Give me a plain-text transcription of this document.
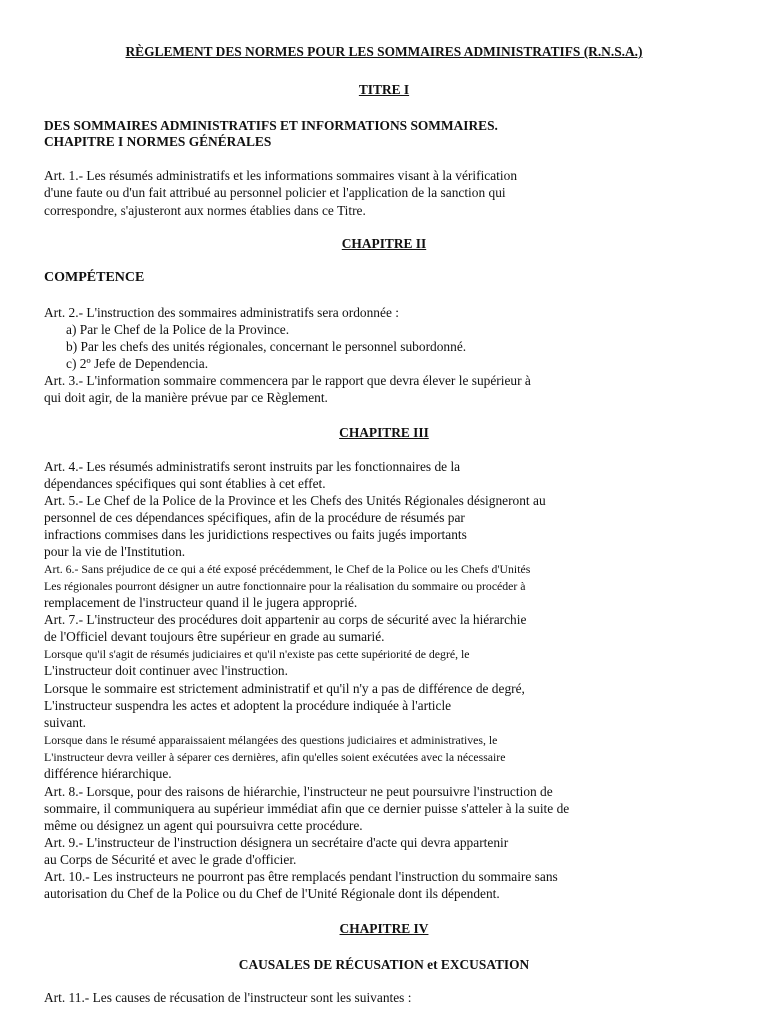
RÈGLEMENT DES NORMES POUR LES SOMMAIRES ADMINISTRATIFS (R.N.S.A.)
TITRE I
DES SOMMAIRES ADMINISTRATIFS ET INFORMATIONS SOMMAIRES.
CHAPITRE I NORMES GÉNÉRALES
Art. 1.- Les résumés administratifs et les informations sommaires visant à la vérification
d'une faute ou d'un fait attribué au personnel policier et l'application de la sanction qui
correspondre, s'ajusteront aux normes établies dans ce Titre.
CHAPITRE II
COMPÉTENCE
Art. 2.- L'instruction des sommaires administratifs sera ordonnée :
a) Par le Chef de la Police de la Province.
b) Par les chefs des unités régionales, concernant le personnel subordonné.
c) 2º Jefe de Dependencia.
Art. 3.- L'information sommaire commencera par le rapport que devra élever le supérieur à
qui doit agir, de la manière prévue par ce Règlement.
CHAPITRE III
Art. 4.- Les résumés administratifs seront instruits par les fonctionnaires de la
dépendances spécifiques qui sont établies à cet effet.
Art. 5.- Le Chef de la Police de la Province et les Chefs des Unités Régionales désigneront au
personnel de ces dépendances spécifiques, afin de la procédure de résumés par
infractions commises dans les juridictions respectives ou faits jugés importants
pour la vie de l'Institution.
Art. 6.- Sans préjudice de ce qui a été exposé précédemment, le Chef de la Police ou les Chefs d'Unités
Les régionales pourront désigner un autre fonctionnaire pour la réalisation du sommaire ou procéder à
remplacement de l'instructeur quand il le jugera approprié.
Art. 7.- L'instructeur des procédures doit appartenir au corps de sécurité avec la hiérarchie
de l'Officiel devant toujours être supérieur en grade au sumarié.
Lorsque qu'il s'agit de résumés judiciaires et qu'il n'existe pas cette supériorité de degré, le
L'instructeur doit continuer avec l'instruction.
Lorsque le sommaire est strictement administratif et qu'il n'y a pas de différence de degré,
L'instructeur suspendra les actes et adoptent la procédure indiquée à l'article
suivant.
Lorsque dans le résumé apparaissaient mélangées des questions judiciaires et administratives, le
L'instructeur devra veiller à séparer ces dernières, afin qu'elles soient exécutées avec la nécessaire
différence hiérarchique.
Art. 8.- Lorsque, pour des raisons de hiérarchie, l'instructeur ne peut poursuivre l'instruction de
sommaire, il communiquera au supérieur immédiat afin que ce dernier puisse s'atteler à la suite de
même ou désignez un agent qui poursuivra cette procédure.
Art. 9.- L'instructeur de l'instruction désignera un secrétaire d'acte qui devra appartenir
au Corps de Sécurité et avec le grade d'officier.
Art. 10.- Les instructeurs ne pourront pas être remplacés pendant l'instruction du sommaire sans
autorisation du Chef de la Police ou du Chef de l'Unité Régionale dont ils dépendent.
CHAPITRE IV
CAUSALES DE RÉCUSATION et EXCUSATION
Art. 11.- Les causes de récusation de l'instructeur sont les suivantes :
